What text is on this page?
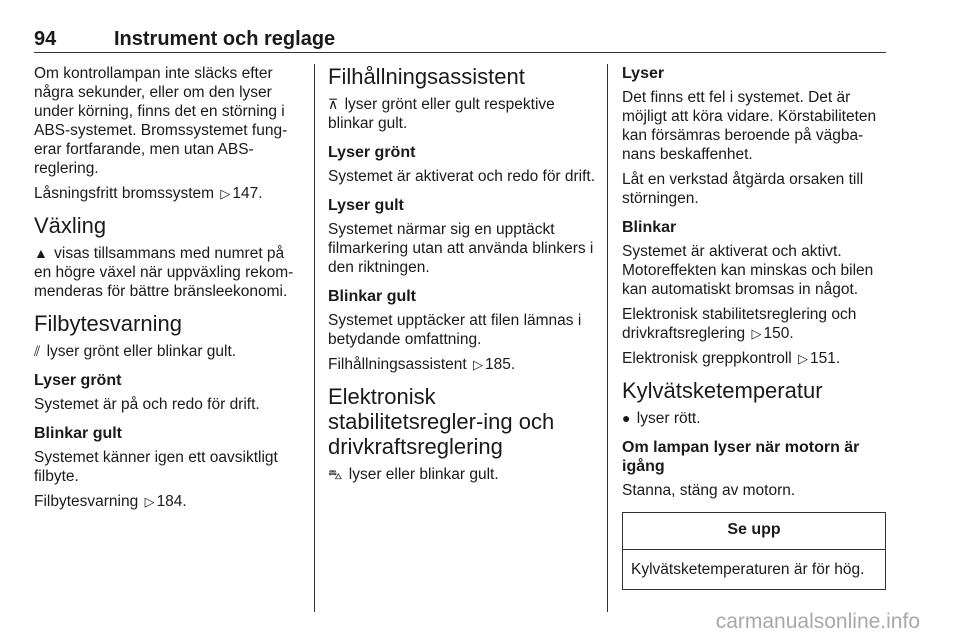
94	Instrument och reglage

Om kontrollampan inte släcks efter några sekunder, eller om den lyser under körning, finns det en störning i ABS-systemet. Bromssystemet fung-erar fortfarande, men utan ABS-reglering.

Låsningsfritt bromssystem ▷ 147.

Växling

▲ visas tillsammans med numret på en högre växel när uppväxling rekom-menderas för bättre bränsleekonomi.

Filbytesvarning

⫽ lyser grönt eller blinkar gult.

Lyser grönt

Systemet är på och redo för drift.

Blinkar gult

Systemet känner igen ett oavsiktligt filbyte.

Filbytesvarning ▷ 184.

Filhållningsassistent

⊼ lyser grönt eller gult respektive blinkar gult.

Lyser grönt

Systemet är aktiverat och redo för drift.

Lyser gult

Systemet närmar sig en upptäckt filmarkering utan att använda blinkers i den riktningen.

Blinkar gult

Systemet upptäcker att filen lämnas i betydande omfattning.

Filhållningsassistent ▷ 185.

Elektronisk stabilitetsregler-ing och drivkraftsreglering

⛍ lyser eller blinkar gult.

Lyser

Det finns ett fel i systemet. Det är möjligt att köra vidare. Körstabiliteten kan försämras beroende på vägba-nans beskaffenhet.

Låt en verkstad åtgärda orsaken till störningen.

Blinkar

Systemet är aktiverat och aktivt. Motoreffekten kan minskas och bilen kan automatiskt bromsas in något.

Elektronisk stabilitetsreglering och drivkraftsreglering ▷ 150.

Elektronisk greppkontroll ▷ 151.

Kylvätsketemperatur

● lyser rött.

Om lampan lyser när motorn är igång

Stanna, stäng av motorn.

Se upp
Kylvätsketemperaturen är för hög.
carmanualsonline.info
